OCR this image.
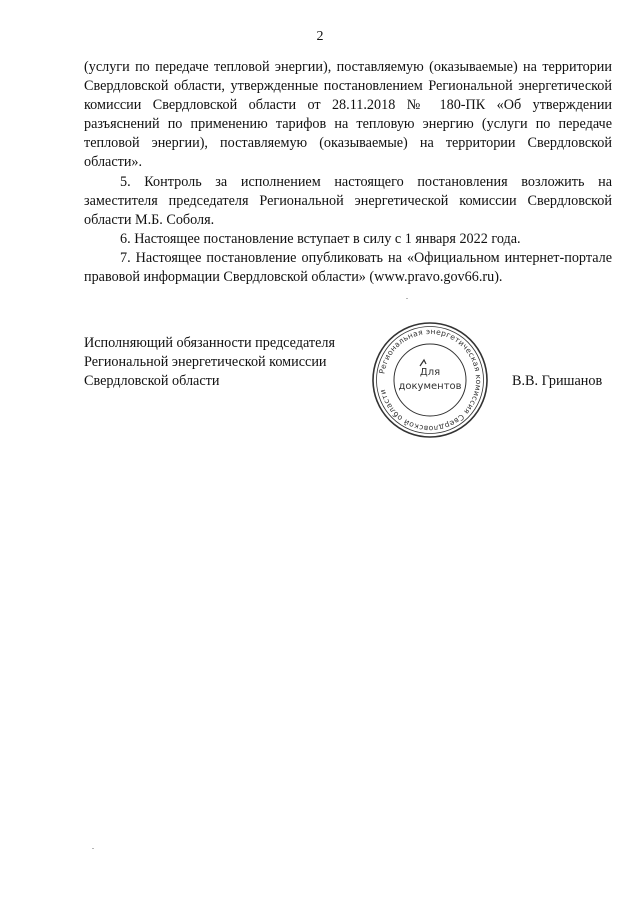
2

(услуги по передаче тепловой энергии), поставляемую (оказываемые) на территории Свердловской области, утвержденные постановлением Региональной энергетической комиссии Свердловской области от 28.11.2018 № 180-ПК «Об утверждении разъяснений по применению тарифов на тепловую энергию (услуги по передаче тепловой энергии), поставляемую (оказываемые) на территории Свердловской области».

5. Контроль за исполнением настоящего постановления возложить на заместителя председателя Региональной энергетической комиссии Свердловской области М.Б. Соболя.

6. Настоящее постановление вступает в силу с 1 января 2022 года.

7. Настоящее постановление опубликовать на «Официальном интернет-портале правовой информации Свердловской области» (www.pravo.gov66.ru).

Исполняющий обязанности председателя
Региональной энергетической комиссии
Свердловской области
Региональная энергетическая комиссия Свердловской области
Для
документов	В.В. Гришанов
